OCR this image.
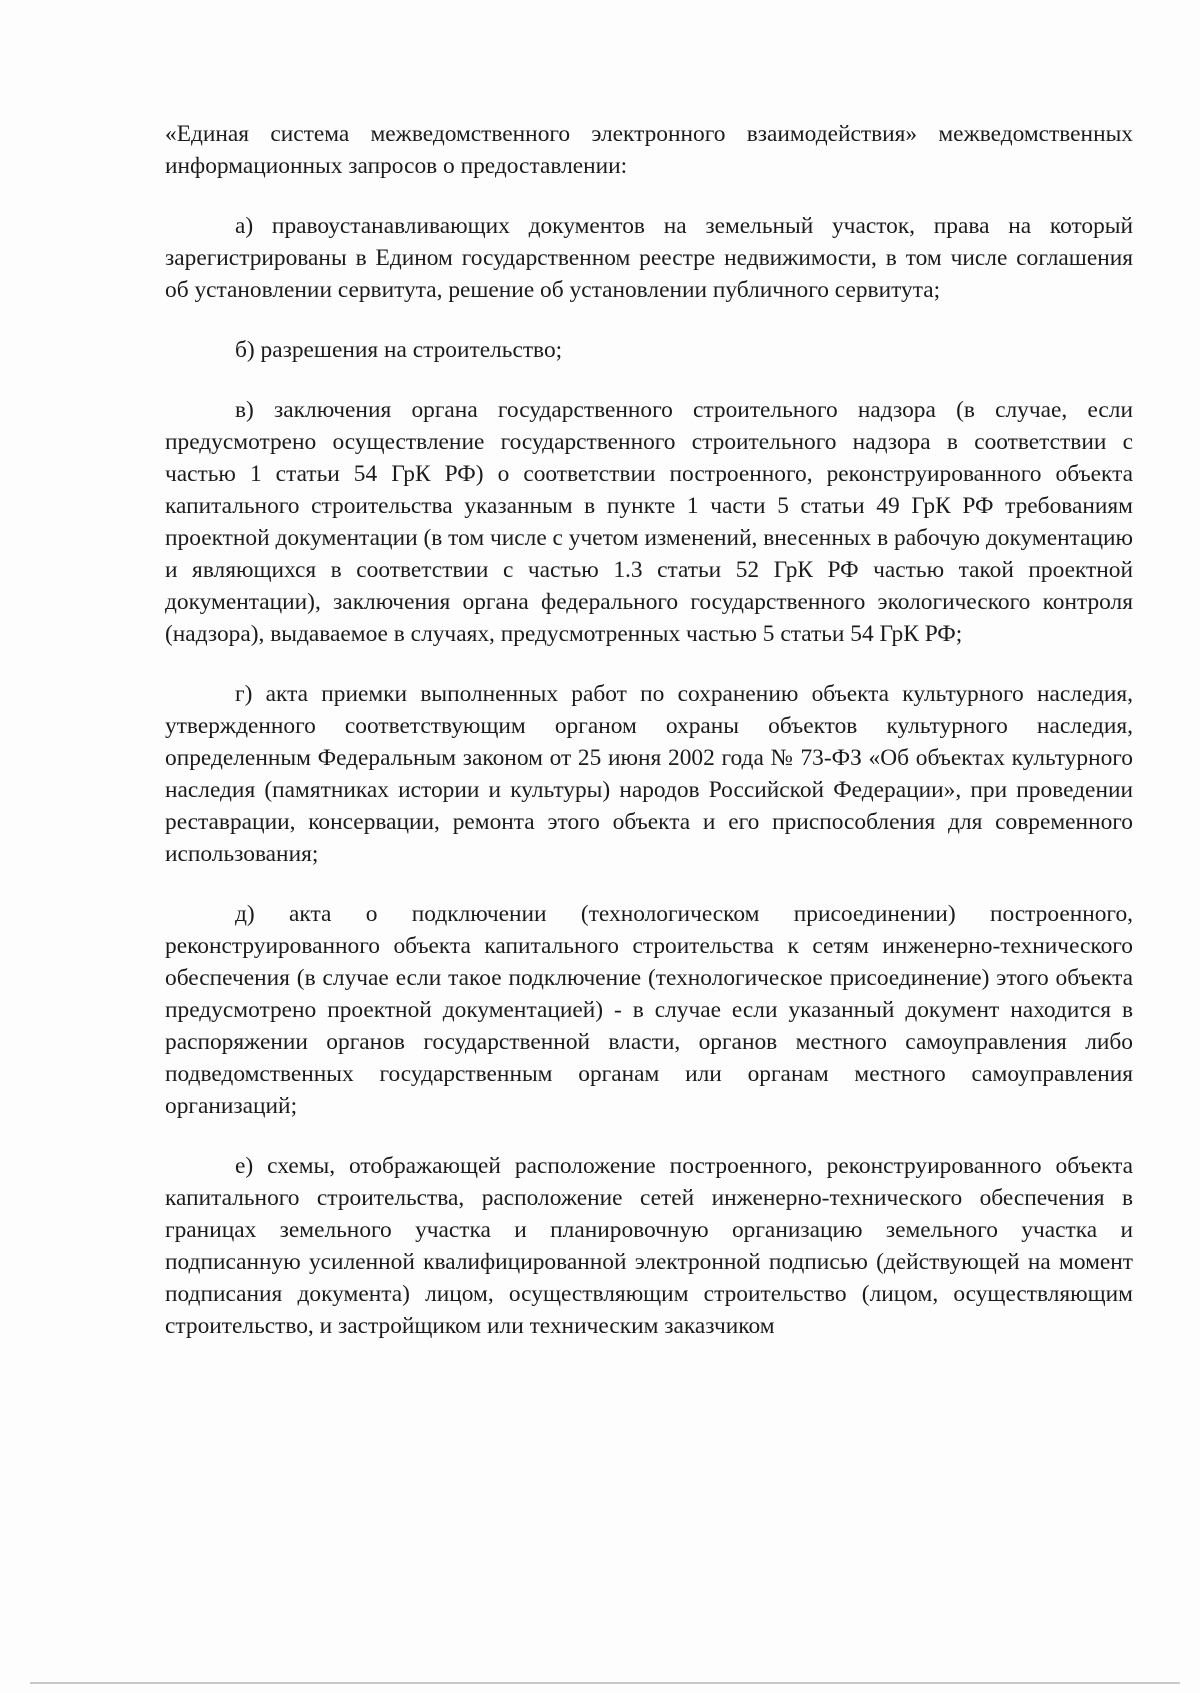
«Единая система межведомственного электронного взаимодействия» межведомственных информационных запросов о предоставлении:

а) правоустанавливающих документов на земельный участок, права на который зарегистрированы в Едином государственном реестре недвижимости, в том числе соглашения об установлении сервитута, решение об установлении публичного сервитута;

б) разрешения на строительство;

в) заключения органа государственного строительного надзора (в случае, если предусмотрено осуществление государственного строительного надзора в соответствии с частью 1 статьи 54 ГрК РФ) о соответствии построенного, реконструированного объекта капитального строительства указанным в пункте 1 части 5 статьи 49 ГрК РФ требованиям проектной документации (в том числе с учетом изменений, внесенных в рабочую документацию и являющихся в соответствии с частью 1.3 статьи 52 ГрК РФ частью такой проектной документации), заключения органа федерального государственного экологического контроля (надзора), выдаваемое в случаях, предусмотренных частью 5 статьи 54 ГрК РФ;

г) акта приемки выполненных работ по сохранению объекта культурного наследия, утвержденного соответствующим органом охраны объектов культурного наследия, определенным Федеральным законом от 25 июня 2002 года № 73-ФЗ «Об объектах культурного наследия (памятниках истории и культуры) народов Российской Федерации», при проведении реставрации, консервации, ремонта этого объекта и его приспособления для современного использования;

д) акта о подключении (технологическом присоединении) построенного, реконструированного объекта капитального строительства к сетям инженерно-технического обеспечения (в случае если такое подключение (технологическое присоединение) этого объекта предусмотрено проектной документацией) - в случае если указанный документ находится в распоряжении органов государственной власти, органов местного самоуправления либо подведомственных государственным органам или органам местного самоуправления организаций;

е) схемы, отображающей расположение построенного, реконструированного объекта капитального строительства, расположение сетей инженерно-технического обеспечения в границах земельного участка и планировочную организацию земельного участка и подписанную усиленной квалифицированной электронной подписью (действующей на момент подписания документа) лицом, осуществляющим строительство (лицом, осуществляющим строительство, и застройщиком или техническим заказчиком
